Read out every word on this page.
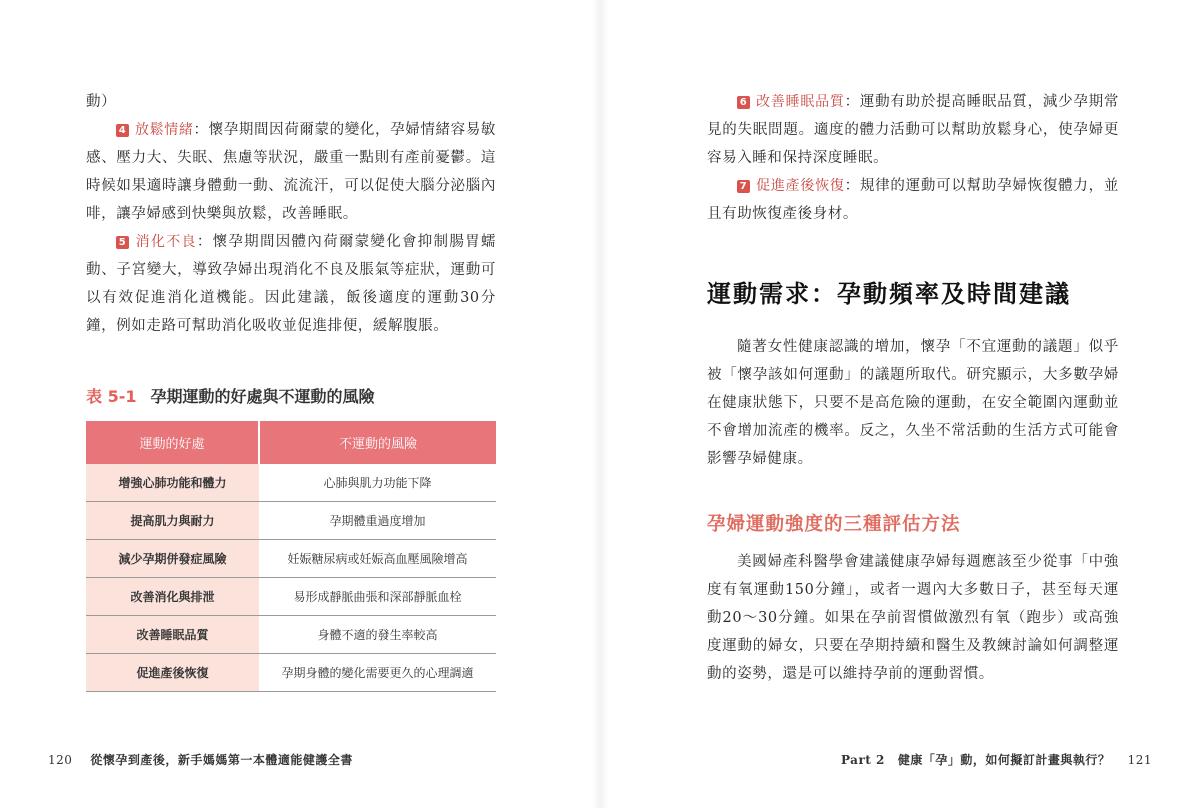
動）

4 放鬆情緒：懷孕期間因荷爾蒙的變化，孕婦情緒容易敏感、壓力大、失眠、焦慮等狀況，嚴重一點則有產前憂鬱。這時候如果適時讓身體動一動、流流汗，可以促使大腦分泌腦內啡，讓孕婦感到快樂與放鬆，改善睡眠。

5 消化不良：懷孕期間因體內荷爾蒙變化會抑制腸胃蠕動、子宮變大，導致孕婦出現消化不良及脹氣等症狀，運動可以有效促進消化道機能。因此建議，飯後適度的運動30分鐘，例如走路可幫助消化吸收並促進排便，緩解腹脹。

表 5-1 孕期運動的好處與不運動的風險
運動的好處	不運動的風險
增強心肺功能和體力	心肺與肌力功能下降
提高肌力與耐力	孕期體重過度增加
減少孕期併發症風險	妊娠糖尿病或妊娠高血壓風險增高
改善消化與排泄	易形成靜脈曲張和深部靜脈血栓
改善睡眠品質	身體不適的發生率較高
促進產後恢復	孕期身體的變化需要更久的心理調適
120 從懷孕到產後，新手媽媽第一本體適能健護全書

6 改善睡眠品質：運動有助於提高睡眠品質，減少孕期常見的失眠問題。適度的體力活動可以幫助放鬆身心，使孕婦更容易入睡和保持深度睡眠。

7 促進產後恢復：規律的運動可以幫助孕婦恢復體力，並且有助恢復產後身材。

運動需求：孕動頻率及時間建議

隨著女性健康認識的增加，懷孕「不宜運動的議題」似乎被「懷孕該如何運動」的議題所取代。研究顯示，大多數孕婦在健康狀態下，只要不是高危險的運動，在安全範圍內運動並不會增加流產的機率。反之，久坐不常活動的生活方式可能會影響孕婦健康。

孕婦運動強度的三種評估方法

美國婦產科醫學會建議健康孕婦每週應該至少從事「中強度有氧運動150分鐘」，或者一週內大多數日子，甚至每天運動20～30分鐘。如果在孕前習慣做激烈有氧（跑步）或高強度運動的婦女，只要在孕期持續和醫生及教練討論如何調整運動的姿勢，還是可以維持孕前的運動習慣。

Part 2 健康「孕」動，如何擬訂計畫與執行？ 121
